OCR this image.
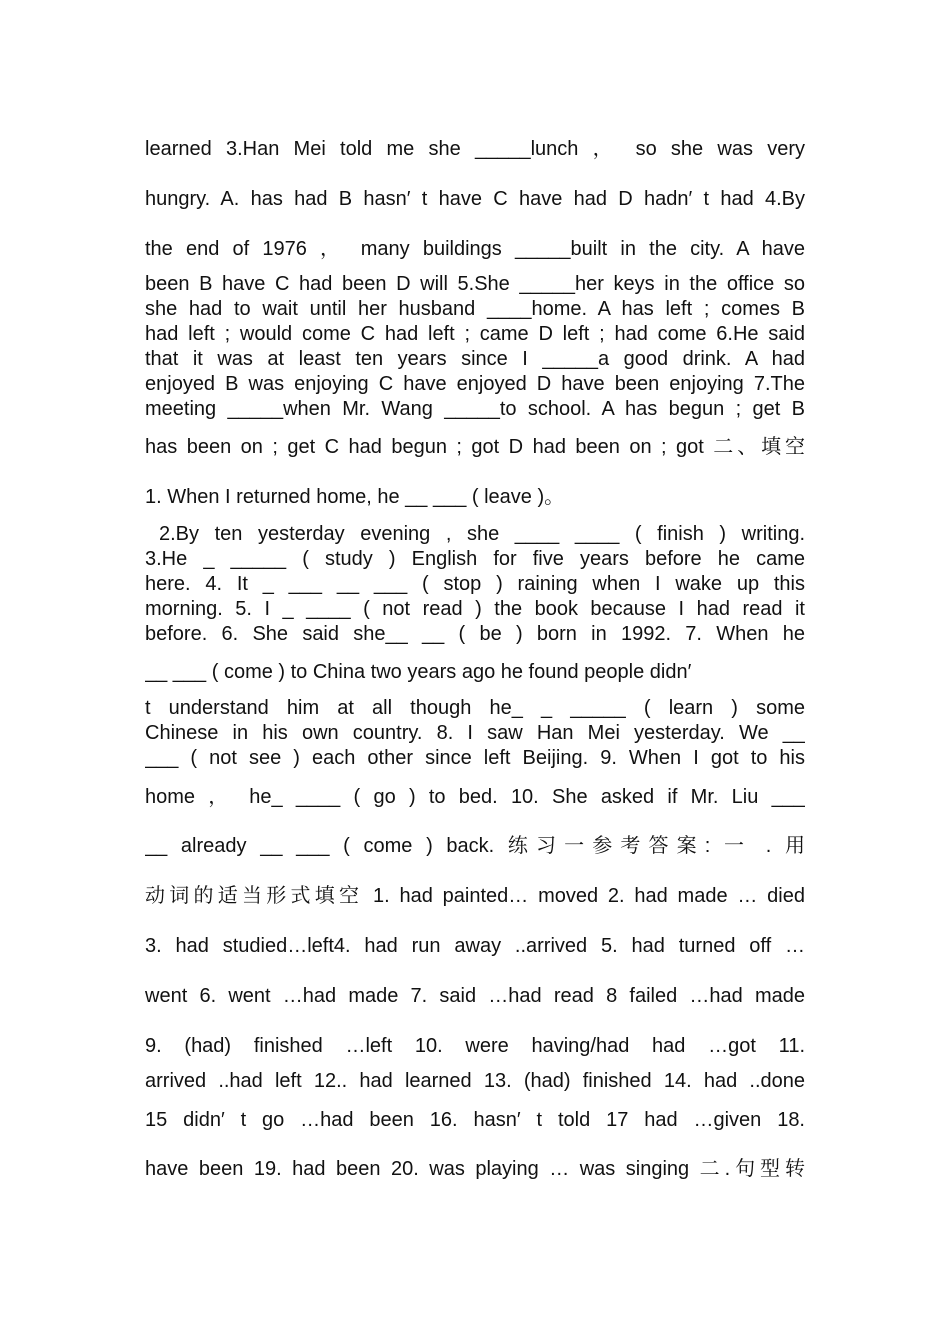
learned 3.Han Mei told me she _____lunch ， so she was very
hungry. A. has had B hasn′ t have C have had D hadn′ t had 4.By
the end of 1976 ， many buildings _____built in the city. A have
been B have C had been D will 5.She _____her keys in the office so
she had to wait until her husband ____home. A has left ; comes B
had left ; would come C had left ; came D left ; had come 6.He said
that it was at least ten years since I _____a good drink. A had
enjoyed B was enjoying C have enjoyed D have been enjoying 7.The
meeting _____when Mr. Wang _____to school. A has begun ; get B
has been on ; get C had begun ; got D had been on ; got 二、填空
1. When I returned home, he __ ___ ( leave )。
2.By ten yesterday evening , she ____ ____ ( finish ) writing.
3.He _ _____ ( study ) English for five years before he came
here. 4. It _ ___ __ ___ ( stop ) raining when I wake up this
morning. 5. I _ ____ ( not read ) the book because I had read it
before. 6. She said she__ __ ( be ) born in 1992. 7. When he
__ ___ ( come ) to China two years ago he found people didn′
t understand him at all though he_ _ _____ ( learn ) some
Chinese in his own country. 8. I saw Han Mei yesterday. We __
___ ( not see ) each other since left Beijing. 9. When I got to his
home ， he_ ____ ( go ) to bed. 10. She asked if Mr. Liu ___
__ already __ ___ ( come ) back. 练习一参考答案: 一 . 用
动词的适当形式填空 1. had painted… moved 2. had made … died
3. had studied…left4. had run away ..arrived 5. had turned off …
went 6. went …had made 7. said …had read 8 failed …had made
9. (had) finished …left 10. were having/had had …got 11.
arrived ..had left 12.. had learned 13. (had) finished 14. had ..done
15 didn′ t go …had been 16. hasn′ t told 17 had …given 18.
have been 19. had been 20. was playing … was singing 二.句型转
